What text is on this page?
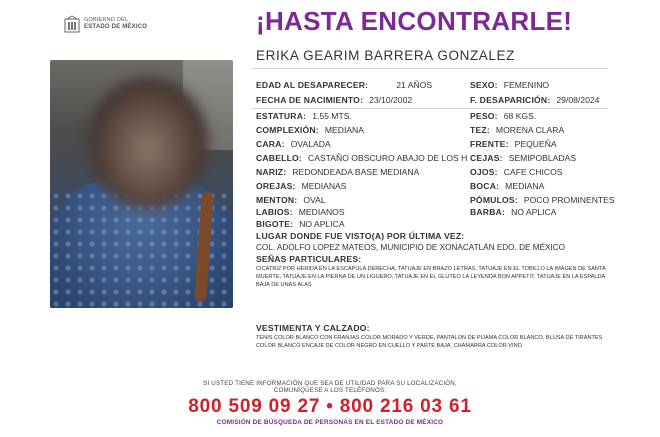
GOBIERNO DEL
ESTADO DE MÉXICO	¡HASTA ENCONTRARLE!
ERIKA GEARIM BARRERA GONZALEZ
EDAD AL DESAPARECER:	21 AÑOS	SEXO: FEMENINO
FECHA DE NACIMIENTO: 23/10/2002	F. DESAPARICIÓN: 29/08/2024
ESTATURA: 1.55 MTS.	PESO: 68 KGS.
COMPLEXIÓN: MEDIANA	TEZ: MORENA CLARA
CARA: OVALADA	FRENTE: PEQUEÑA
CABELLO: CASTAÑO OBSCURO ABAJO DE LOS H CEJAS: SEMIPOBLADAS
NARIZ: REDONDEADA BASE MEDIANA	OJOS: CAFE CHICOS
OREJAS: MEDIANAS	BOCA: MEDIANA
MENTON: OVAL	PÓMULOS: POCO PROMINENTES
LABIOS: MEDIANOS	BARBA: NO APLICA
BIGOTE: NO APLICA
LUGAR DONDE FUE VISTO(A) POR ÚLTIMA VEZ:
COL. ADOLFO LOPEZ MATEOS, MUNICIPIO DE XONACATLÁN EDO. DE MÉXICO
SEÑAS PARTICULARES:
CICATRIZ POR HERIDA EN LA ESCAPULA DERECHA, TATUAJE EN BRAZO LETRAS, TATUAJE EN EL TOBILLO LA IMAGEN DE SANTA MUERTE, TATUAJE EN LA PIERNA DE UN LIGUERO, TATUAJE EN EL GLUTEO LA LEYENDA BON APPETIT, TATUAJE EN LA ESPALDA BAJA DE UNAS ALAS
VESTIMENTA Y CALZADO:
TENIS COLOR BLANCO CON FRANJAS COLOR MORADO Y VERDE, PANTALON DE PIJAMA COLOR BLANCO, BLUSA DE TIRANTES COLOR BLANCO ENCAJE DE COLOR NEGRO EN CUELLO Y PARTE BAJA, CHAMARRA COLOR VINO
SI USTED TIENE INFORMACIÓN QUE SEA DE UTILIDAD PARA SU LOCALIZACIÓN,
COMUNÍQUESE A LOS TELÉFONOS:
800 509 09 27 • 800 216 03 61
COMISIÓN DE BÚSQUEDA DE PERSONAS EN EL ESTADO DE MÉXICO
